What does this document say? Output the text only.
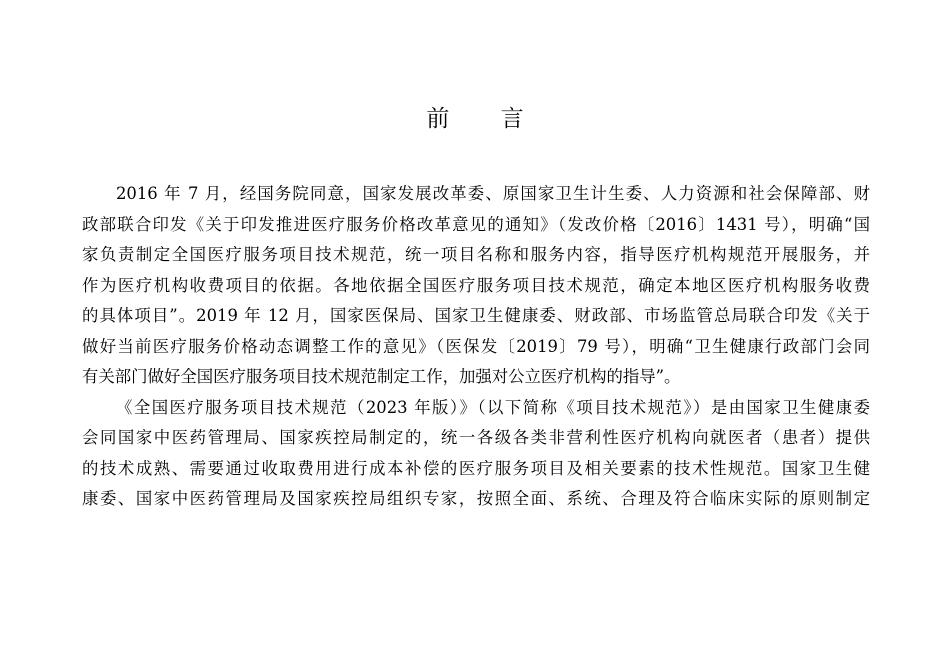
前 言
2016 年 7 月，经国务院同意，国家发展改革委、原国家卫生计生委、人力资源和社会保障部、财
政部联合印发《关于印发推进医疗服务价格改革意见的通知》（发改价格〔2016〕1431 号），明确“国
家负责制定全国医疗服务项目技术规范，统一项目名称和服务内容，指导医疗机构规范开展服务，并
作为医疗机构收费项目的依据。各地依据全国医疗服务项目技术规范，确定本地区医疗机构服务收费
的具体项目”。2019 年 12 月，国家医保局、国家卫生健康委、财政部、市场监管总局联合印发《关于
做好当前医疗服务价格动态调整工作的意见》（医保发〔2019〕79 号），明确“卫生健康行政部门会同
有关部门做好全国医疗服务项目技术规范制定工作，加强对公立医疗机构的指导”。
《全国医疗服务项目技术规范（2023 年版）》（以下简称《项目技术规范》）是由国家卫生健康委
会同国家中医药管理局、国家疾控局制定的，统一各级各类非营利性医疗机构向就医者（患者）提供
的技术成熟、需要通过收取费用进行成本补偿的医疗服务项目及相关要素的技术性规范。国家卫生健
康委、国家中医药管理局及国家疾控局组织专家，按照全面、系统、合理及符合临床实际的原则制定
